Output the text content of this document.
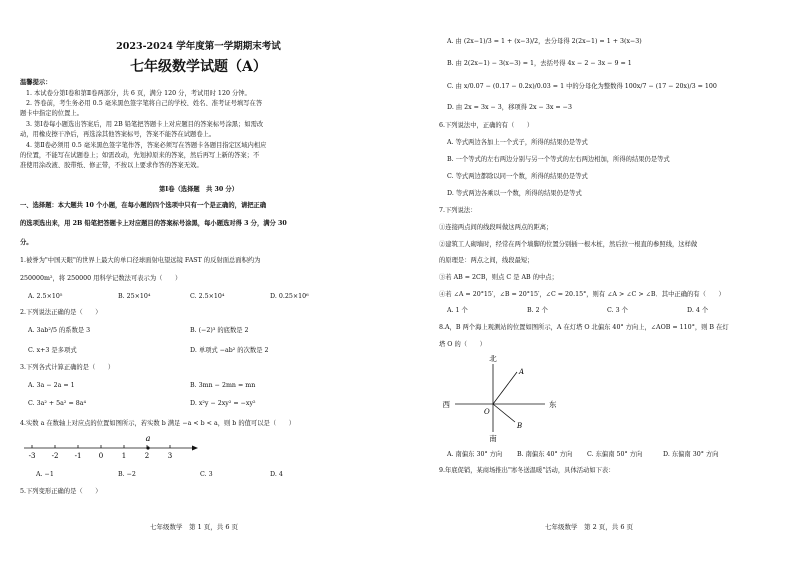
2023-2024 学年度第一学期期末考试
七年级数学试题（A）
温馨提示：
1. 本试卷分第Ⅰ卷和第Ⅱ卷两部分，共 6 页，满分 120 分，考试用时 120 分钟。
2. 答卷前，考生务必用 0.5 毫米黑色签字笔将自己的学校、姓名、准考证号填写在答
题卡中指定的位置上。
3. 第Ⅰ卷每小题选出答案后，用 2B 铅笔把答题卡上对应题目的答案标号涂黑；如需改
动，用橡皮擦干净后，再选涂其他答案标号，答案不能答在试题卷上。
4. 第Ⅱ卷必须用 0.5 毫米黑色签字笔作答，答案必须写在答题卡各题目指定区域内相应
的位置，不能写在试题卷上；如需改动，先划掉原来的答案，然后再写上新的答案；不
准使用涂改液、胶带纸、修正带，不按以上要求作答的答案无效。
第Ⅰ卷（选择题　共 30 分）
一、选择题：本大题共 10 个小题，在每小题的四个选项中只有一个是正确的，请把正确
的选项选出来，用 2B 铅笔把答题卡上对应题目的答案标号涂黑，每小题选对得 3 分，满分 30
分。
1.被誉为"中国天眼"的世界上最大的单口径球面射电望远镜 FAST 的反射面总面积约为
250000m²，将 250000 用科学记数法可表示为（　　）
A. 2.5×10⁵	B. 25×10⁴	C. 2.5×10⁴	D. 0.25×10⁶
2.下列说法正确的是（　　）
A. 3ab²/5 的系数是 3	B. (−2)³ 的底数是 2
C. x+3 是多项式	D. 单项式 −ab² 的次数是 2
3.下列各式计算正确的是（　　）
A. 3a − 2a = 1	B. 3mn − 2mn = mn
C. 3a² + 5a² = 8a⁴	D. x²y − 2xy² = −xy²
4.实数 a 在数轴上对应点的位置如图所示，若实数 b 满足 −a < b < a，则 b 的值可以是（　　）
-3 -2 -1 0	1	2	3
a
A. −1	B. −2	C. 3	D. 4
5.下列变形正确的是（　　）
七年级数学　第 1 页，共 6 页
A. 由 (2x−1)/3 = 1 + (x−3)/2，去分母得 2(2x−1) = 1 + 3(x−3)
B. 由 2(2x−1) − 3(x−3) = 1，去括号得 4x − 2 − 3x − 9 = 1
C. 由 x/0.07 − (0.17 − 0.2x)/0.03 = 1 中的分母化为整数得 100x/7 − (17 − 20x)/3 = 100
D. 由 2x = 3x − 3，移项得 2x − 3x = −3
6.下列说法中，正确的有（　　）
A. 等式两边各加上一个式子，所得的结果仍是等式
B. 一个等式的左右两边分别与另一个等式的左右两边相加，所得的结果仍是等式
C. 等式两边都除以同一个数，所得的结果仍是等式
D. 等式两边各乘以一个数，所得的结果仍是等式
7.下列说法：
①连接两点间的线段叫做这两点的距离；
②建筑工人砌墙时，经常在两个墙脚的位置分别插一根木桩，然后拉一根直的参照线，这样做
的原理是：两点之间，线段最短；
③若 AB = 2CB，则点 C 是 AB 的中点；
④若 ∠A = 20°15′，∠B = 20°15′，∠C = 20.15°，则有 ∠A > ∠C > ∠B．其中正确的有（　　）
A. 1 个	B. 2 个	C. 3 个	D. 4 个
8.A，B 两个海上观测站的位置如图所示，A 在灯塔 O 北偏东 40° 方向上，∠AOB = 110°，则 B 在灯
塔 O 的（　　）
北
南
西	东
O
A
B
A. 南偏东 30° 方向 B. 南偏东 40° 方向 C. 东偏南 50° 方向	D. 东偏南 30° 方向
9.年底促销，某商场推出"寒冬送温暖"活动，具体活动如下表：
七年级数学　第 2 页，共 6 页
